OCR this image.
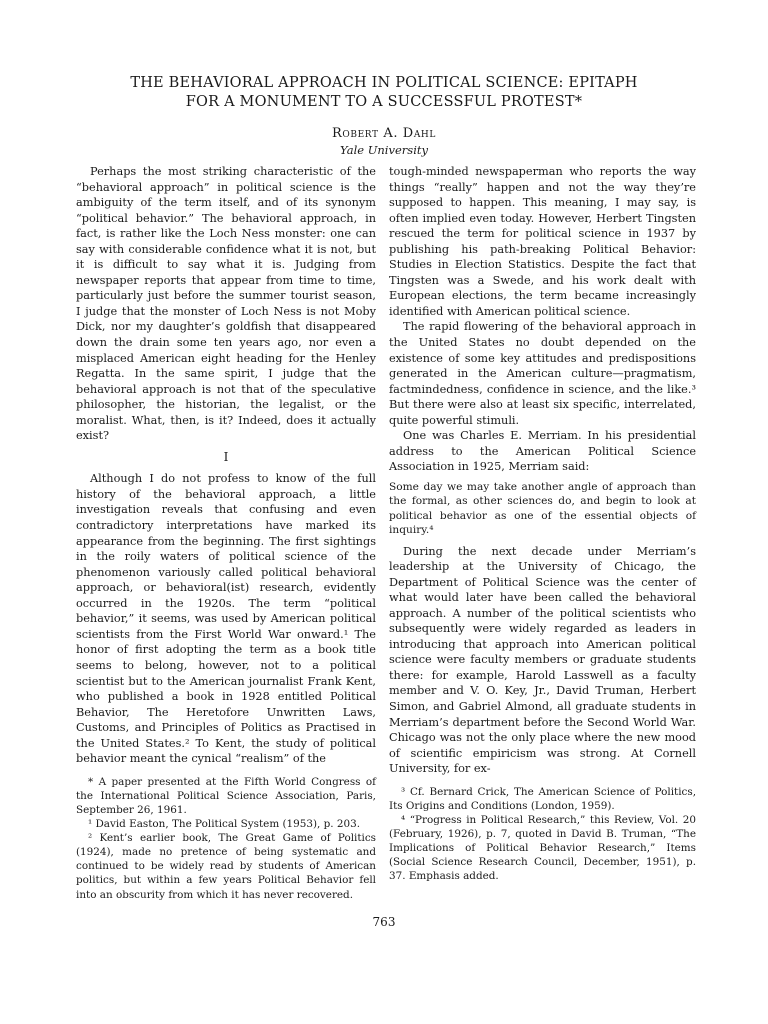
THE BEHAVIORAL APPROACH IN POLITICAL SCIENCE: EPITAPH
FOR A MONUMENT TO A SUCCESSFUL PROTEST*
Robert A. Dahl
Yale University

Perhaps the most striking characteristic of the “behavioral approach” in political science is the ambiguity of the term itself, and of its synonym “political behavior.” The behavioral approach, in fact, is rather like the Loch Ness monster: one can say with considerable confidence what it is not, but it is difficult to say what it is. Judging from newspaper reports that appear from time to time, particularly just before the summer tourist season, I judge that the monster of Loch Ness is not Moby Dick, nor my daughter’s goldfish that disappeared down the drain some ten years ago, nor even a misplaced American eight heading for the Henley Regatta. In the same spirit, I judge that the behavioral approach is not that of the speculative philosopher, the historian, the legalist, or the moralist. What, then, is it? Indeed, does it actually exist?

I

Although I do not profess to know of the full history of the behavioral approach, a little investigation reveals that confusing and even contradictory interpretations have marked its appearance from the beginning. The first sightings in the roily waters of political science of the phenomenon variously called political behavioral approach, or behavioral(ist) research, evidently occurred in the 1920s. The term “political behavior,” it seems, was used by American political scientists from the First World War onward.¹ The honor of first adopting the term as a book title seems to belong, however, not to a political scientist but to the American journalist Frank Kent, who published a book in 1928 entitled Political Behavior, The Heretofore Unwritten Laws, Customs, and Principles of Politics as Practised in the United States.² To Kent, the study of political behavior meant the cynical “realism” of the

* A paper presented at the Fifth World Congress of the International Political Science Association, Paris, September 26, 1961.

¹ David Easton, The Political System (1953), p. 203.

² Kent’s earlier book, The Great Game of Politics (1924), made no pretence of being systematic and continued to be widely read by students of American politics, but within a few years Political Behavior fell into an obscurity from which it has never recovered.

tough-minded newspaperman who reports the way things “really” happen and not the way they’re supposed to happen. This meaning, I may say, is often implied even today. However, Herbert Tingsten rescued the term for political science in 1937 by publishing his path-breaking Political Behavior: Studies in Election Statistics. Despite the fact that Tingsten was a Swede, and his work dealt with European elections, the term became increasingly identified with American political science.

The rapid flowering of the behavioral approach in the United States no doubt depended on the existence of some key attitudes and predispositions generated in the American culture—pragmatism, factmindedness, confidence in science, and the like.³ But there were also at least six specific, interrelated, quite powerful stimuli.

One was Charles E. Merriam. In his presidential address to the American Political Science Association in 1925, Merriam said:

Some day we may take another angle of approach than the formal, as other sciences do, and begin to look at political behavior as one of the essential objects of inquiry.⁴

During the next decade under Merriam’s leadership at the University of Chicago, the Department of Political Science was the center of what would later have been called the behavioral approach. A number of the political scientists who subsequently were widely regarded as leaders in introducing that approach into American political science were faculty members or graduate students there: for example, Harold Lasswell as a faculty member and V. O. Key, Jr., David Truman, Herbert Simon, and Gabriel Almond, all graduate students in Merriam’s department before the Second World War. Chicago was not the only place where the new mood of scientific empiricism was strong. At Cornell University, for ex-

³ Cf. Bernard Crick, The American Science of Politics, Its Origins and Conditions (London, 1959).

⁴ “Progress in Political Research,” this Review, Vol. 20 (February, 1926), p. 7, quoted in David B. Truman, “The Implications of Political Behavior Research,” Items (Social Science Research Council, December, 1951), p. 37. Emphasis added.

763
